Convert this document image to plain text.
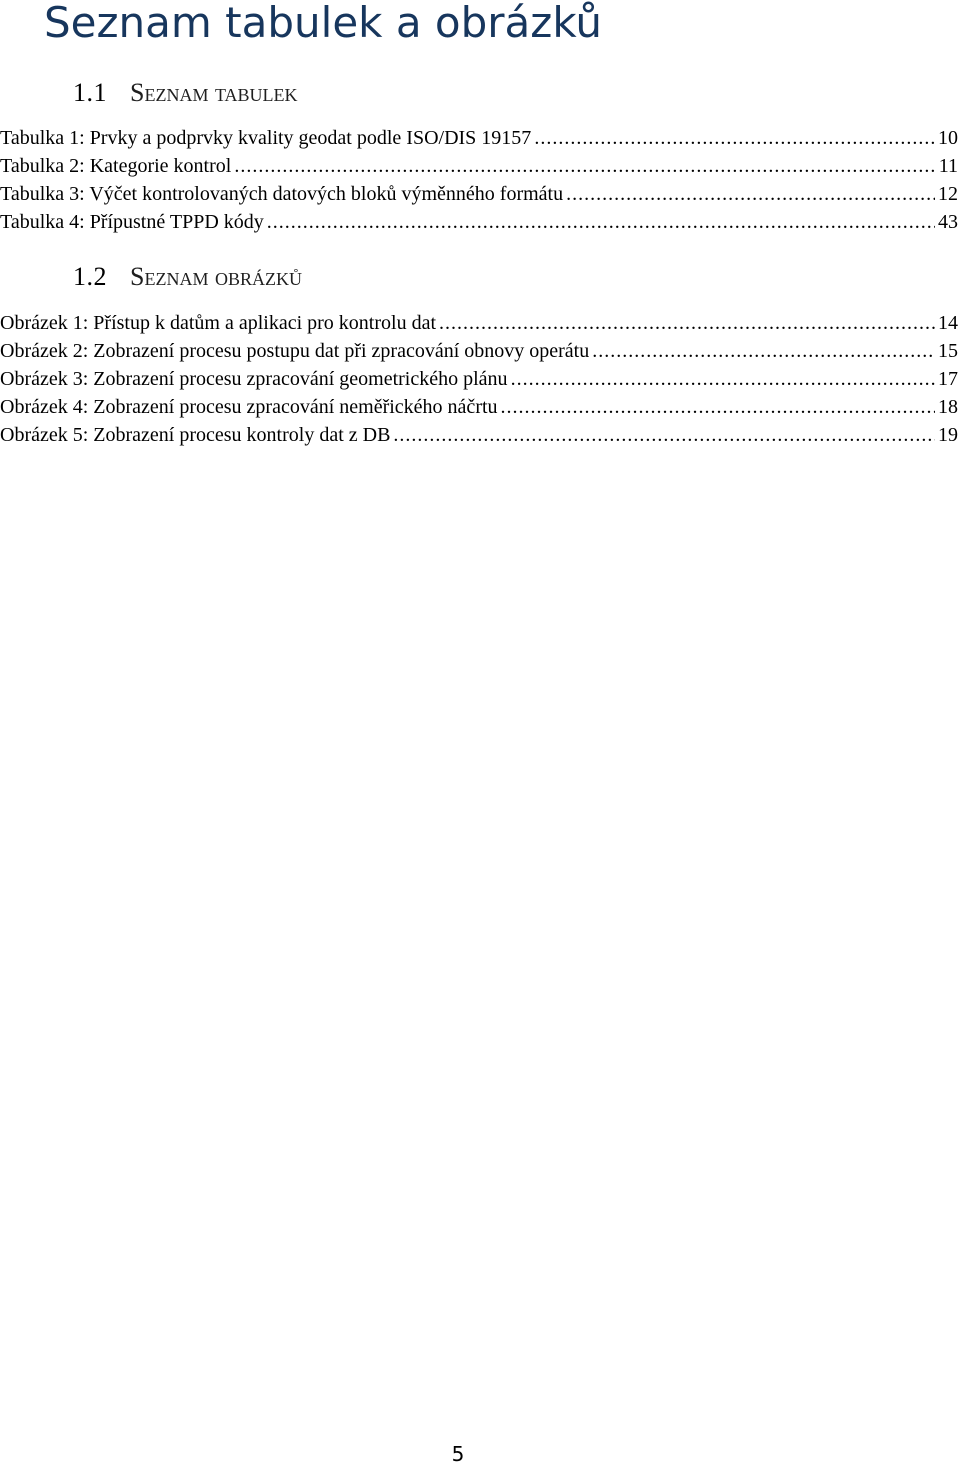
Seznam tabulek a obrázků
1.1 Seznam tabulek
Tabulka 1: Prvky a podprvky kvality geodat podle ISO/DIS 19157 .....	10
Tabulka 2: Kategorie kontrol .....	11
Tabulka 3: Výčet kontrolovaných datových bloků výměnného formátu .....	12
Tabulka 4: Přípustné TPPD kódy .....	43
1.2 Seznam obrázků
Obrázek 1: Přístup k datům a aplikaci pro kontrolu dat .....	14
Obrázek 2: Zobrazení procesu postupu dat při zpracování obnovy operátu .....	15
Obrázek 3: Zobrazení procesu zpracování geometrického plánu .....	17
Obrázek 4: Zobrazení procesu zpracování neměřického náčrtu .....	18
Obrázek 5: Zobrazení procesu kontroly dat z DB .....	19
5
